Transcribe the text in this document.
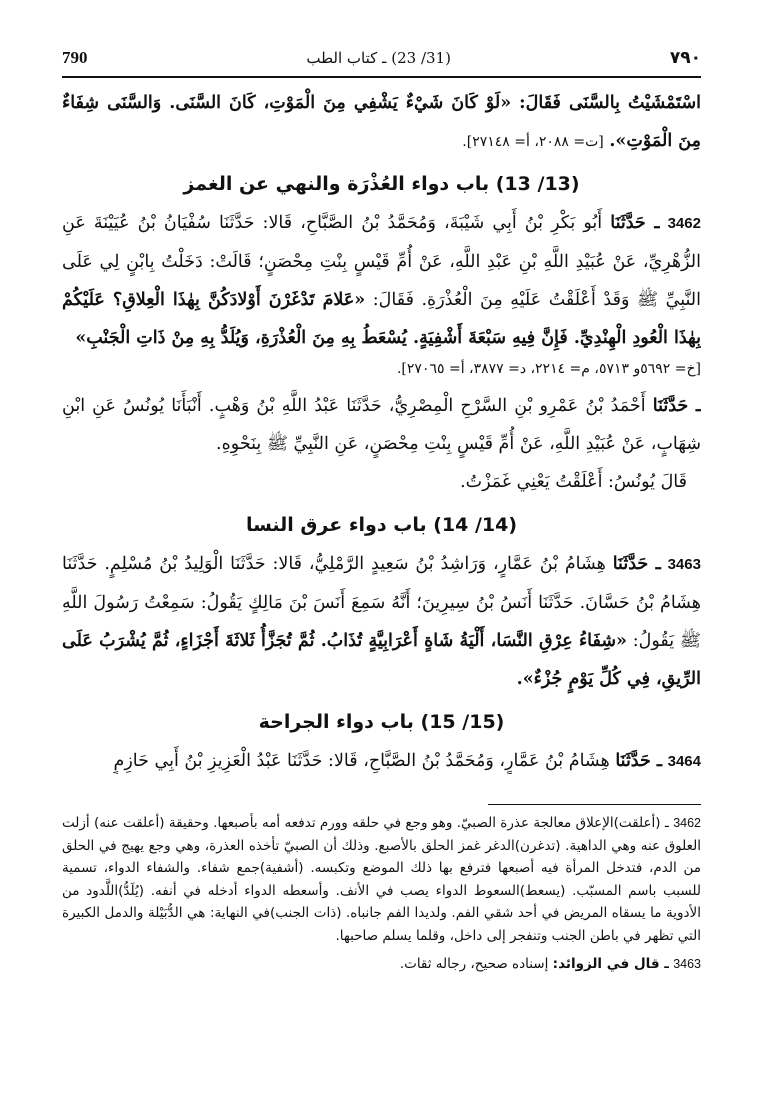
790	(31/ 23) ـ كتاب الطب	٧٩٠

اسْتَمْشَيْتُ بِالسَّنَى فَقَالَ: «لَوْ كَانَ شَيْءٌ يَشْفِي مِنَ الْمَوْتِ، كَانَ السَّنَى. وَالسَّنَى شِفَاءٌ مِنَ الْمَوْتِ». [ت= ٢٠٨٨، أ= ٢٧١٤٨].

(13/ 13) باب دواء العُذْرَة والنهي عن الغمز

3462 ـ حَدَّثَنَا أَبُو بَكْرِ بْنُ أَبِي شَيْبَةَ، وَمُحَمَّدُ بْنُ الصَّبَّاحِ، قَالا: حَدَّثَنَا سُفْيَانُ بْنُ عُيَيْنَةَ عَنِ الزُّهْرِيِّ، عَنْ عُبَيْدِ اللَّهِ بْنِ عَبْدِ اللَّهِ، عَنْ أُمِّ قَيْسٍ بِنْتِ مِحْصَنٍ؛ قَالَتْ: دَخَلْتُ بِابْنٍ لِي عَلَى النَّبِيِّ ﷺ وَقَدْ أَعْلَقْتُ عَلَيْهِ مِنَ الْعُذْرَةِ. فَقَالَ: «عَلامَ تَدْغَرْنَ أَوْلادَكُنَّ بِهٰذَا الْعِلاقِ؟ عَلَيْكُمْ بِهٰذَا الْعُودِ الْهِنْدِيِّ. فَإِنَّ فِيهِ سَبْعَةَ أَشْفِيَةٍ. يُسْعَطُ بِهِ مِنَ الْعُذْرَةِ، وَيُلَدُّ بِهِ مِنْ ذَاتِ الْجَنْبِ»

[خ= ٥٦٩٢و ٥٧١٣، م= ٢٢١٤، د= ٣٨٧٧، أ= ٢٧٠٦٥].

ـ حَدَّثَنَا أَحْمَدُ بْنُ عَمْرِو بْنِ السَّرْحِ الْمِصْرِيُّ، حَدَّثَنَا عَبْدُ اللَّهِ بْنُ وَهْبٍ. أَنْبَأَنَا يُونُسُ عَنِ ابْنِ شِهَابٍ، عَنْ عُبَيْدِ اللَّهِ، عَنْ أُمِّ قَيْسٍ بِنْتِ مِحْصَنٍ، عَنِ النَّبِيِّ ﷺ بِنَحْوِهِ.

قَالَ يُونُسُ: أَعْلَقْتُ يَعْنِي غَمَزْتُ.

(14/ 14) باب دواء عرق النسا

3463 ـ حَدَّثَنَا هِشَامُ بْنُ عَمَّارٍ، وَرَاشِدُ بْنُ سَعِيدٍ الرَّمْلِيُّ، قَالا: حَدَّثَنَا الْوَلِيدُ بْنُ مُسْلِمٍ. حَدَّثَنَا هِشَامُ بْنُ حَسَّانَ. حَدَّثَنَا أَنَسُ بْنُ سِيرِينَ؛ أَنَّهُ سَمِعَ أَنَسَ بْنَ مَالِكٍ يَقُولُ: سَمِعْتُ رَسُولَ اللَّهِ ﷺ يَقُولُ: «شِفَاءُ عِرْقِ النَّسَا، أَلْيَةُ شَاةٍ أَعْرَابِيَّةٍ تُذَابُ. ثُمَّ تُجَزَّأُ ثَلاثَةَ أَجْزَاءٍ، ثُمَّ يُشْرَبُ عَلَى الرِّيقِ، فِي كُلِّ يَوْمٍ جُزْءٌ».

(15/ 15) باب دواء الجراحة

3464 ـ حَدَّثَنَا هِشَامُ بْنُ عَمَّارٍ، وَمُحَمَّدُ بْنُ الصَّبَّاحِ، قَالا: حَدَّثَنَا عَبْدُ الْعَزِيزِ بْنُ أَبِي حَازِمٍ

3462 ـ (أعلقت)الإعلاق معالجة عذرة الصبيّ. وهو وجع في حلقه وورم تدفعه أمه بأصبعها. وحقيقة (أعلقت عنه) أزلت العلوق عنه وهي الداهية. (تدغرن)الدغر غمز الحلق بالأصبع. وذلك أن الصبيّ تأخذه العذرة، وهي وجع يهيج في الحلق من الدم، فتدخل المرأة فيه أصبعها فترفع بها ذلك الموضع وتكبسه. (أشفية)جمع شفاء. والشفاء الدواء، تسمية للسبب باسم المسبّب. (يسعط)السعوط الدواء يصب في الأنف. وأسعطه الدواء أدخله في أنفه. (يُلَدُّ)اللَّدود من الأدوية ما يسقاه المريض في أحد شقي الفم. ولديدا الفم جانباه. (ذات الجنب)في النهاية: هي الدُّبَيْلة والدمل الكبيرة التي تظهر في باطن الجنب وتنفجر إلى داخل، وقلما يسلم صاحبها.

3463 ـ قال في الزوائد: إسناده صحيح، رجاله ثقات.
